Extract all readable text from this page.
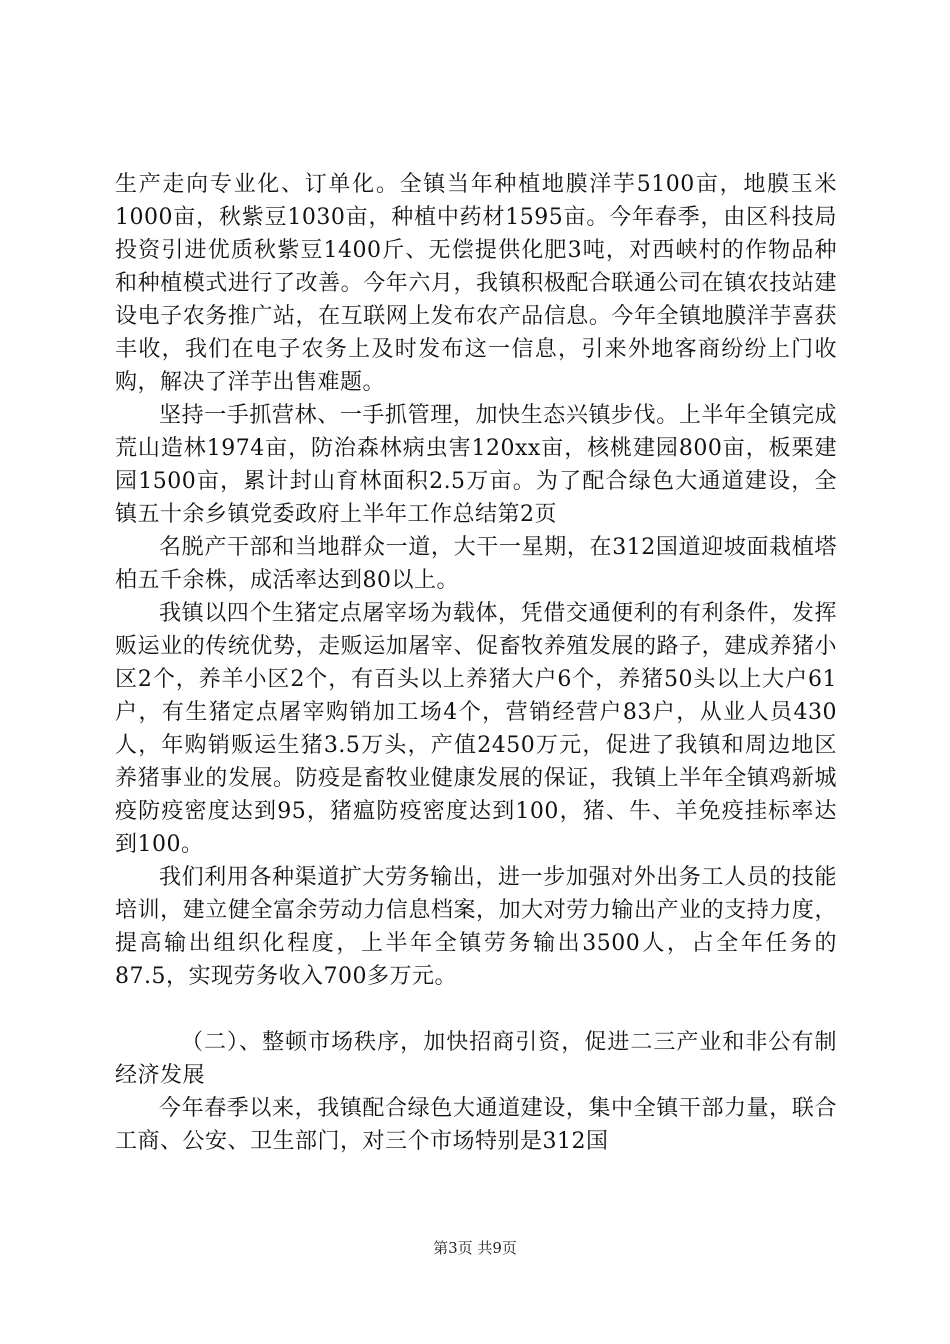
生产走向专业化、订单化。全镇当年种植地膜洋芋5100亩，地膜玉米1000亩，秋紫豆1030亩，种植中药材1595亩。今年春季，由区科技局投资引进优质秋紫豆1400斤、无偿提供化肥3吨，对西峡村的作物品种和种植模式进行了改善。今年六月，我镇积极配合联通公司在镇农技站建设电子农务推广站，在互联网上发布农产品信息。今年全镇地膜洋芋喜获丰收，我们在电子农务上及时发布这一信息，引来外地客商纷纷上门收购，解决了洋芋出售难题。

坚持一手抓营林、一手抓管理，加快生态兴镇步伐。上半年全镇完成荒山造林1974亩，防治森林病虫害120xx亩，核桃建园800亩，板栗建园1500亩，累计封山育林面积2.5万亩。为了配合绿色大通道建设，全镇五十余乡镇党委政府上半年工作总结第2页

名脱产干部和当地群众一道，大干一星期，在312国道迎坡面栽植塔柏五千余株，成活率达到80以上。

我镇以四个生猪定点屠宰场为载体，凭借交通便利的有利条件，发挥贩运业的传统优势，走贩运加屠宰、促畜牧养殖发展的路子，建成养猪小区2个，养羊小区2个，有百头以上养猪大户6个，养猪50头以上大户61户，有生猪定点屠宰购销加工场4个，营销经营户83户，从业人员430人，年购销贩运生猪3.5万头，产值2450万元，促进了我镇和周边地区养猪事业的发展。防疫是畜牧业健康发展的保证，我镇上半年全镇鸡新城疫防疫密度达到95，猪瘟防疫密度达到100，猪、牛、羊免疫挂标率达到100。

我们利用各种渠道扩大劳务输出，进一步加强对外出务工人员的技能培训，建立健全富余劳动力信息档案，加大对劳力输出产业的支持力度，提高输出组织化程度，上半年全镇劳务输出3500人，占全年任务的87.5，实现劳务收入700多万元。

（二）、整顿市场秩序，加快招商引资，促进二三产业和非公有制经济发展

今年春季以来，我镇配合绿色大通道建设，集中全镇干部力量，联合工商、公安、卫生部门，对三个市场特别是312国

第3页 共9页
